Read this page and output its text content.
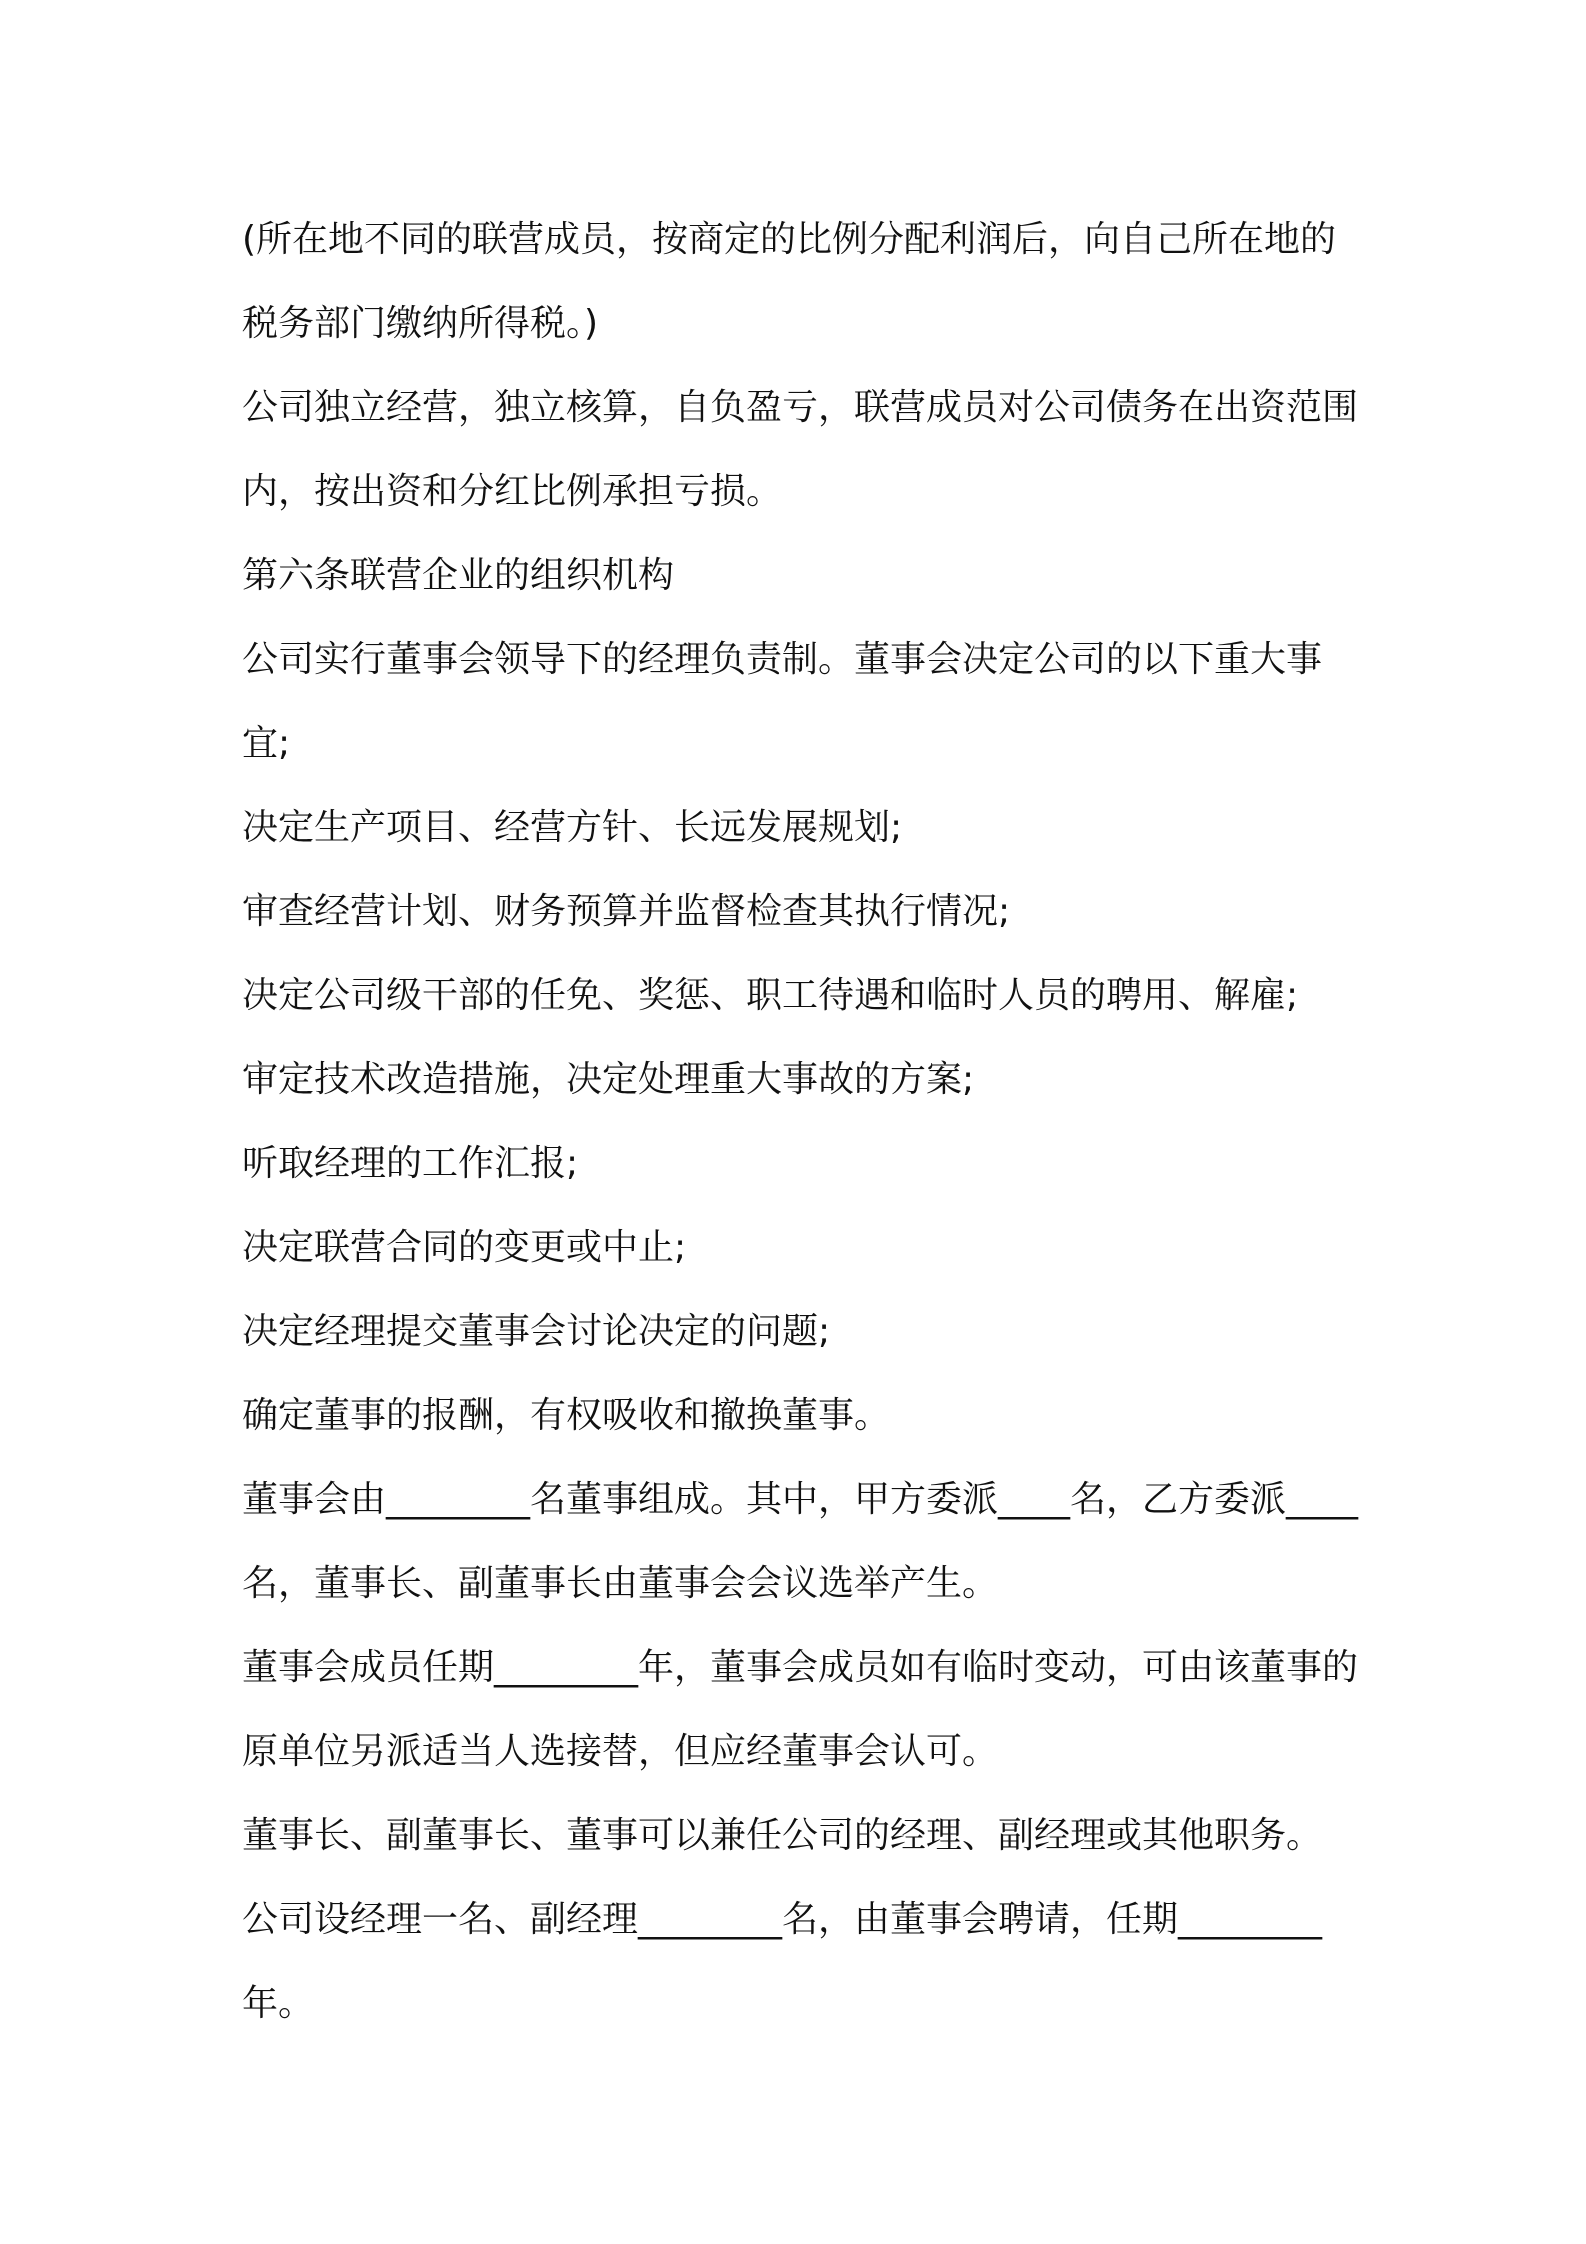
(所在地不同的联营成员，按商定的比例分配利润后，向自己所在地的税务部门缴纳所得税。)

公司独立经营，独立核算，自负盈亏，联营成员对公司债务在出资范围内，按出资和分红比例承担亏损。

第六条联营企业的组织机构

公司实行董事会领导下的经理负责制。董事会决定公司的以下重大事宜;

决定生产项目、经营方针、长远发展规划;

审查经营计划、财务预算并监督检查其执行情况;

决定公司级干部的任免、奖惩、职工待遇和临时人员的聘用、解雇;

审定技术改造措施，决定处理重大事故的方案;

听取经理的工作汇报;

决定联营合同的变更或中止;

决定经理提交董事会讨论决定的问题;

确定董事的报酬，有权吸收和撤换董事。

董事会由________名董事组成。其中，甲方委派____名，乙方委派____名，董事长、副董事长由董事会会议选举产生。

董事会成员任期________年，董事会成员如有临时变动，可由该董事的原单位另派适当人选接替，但应经董事会认可。

董事长、副董事长、董事可以兼任公司的经理、副经理或其他职务。

公司设经理一名、副经理________名，由董事会聘请，任期________年。
